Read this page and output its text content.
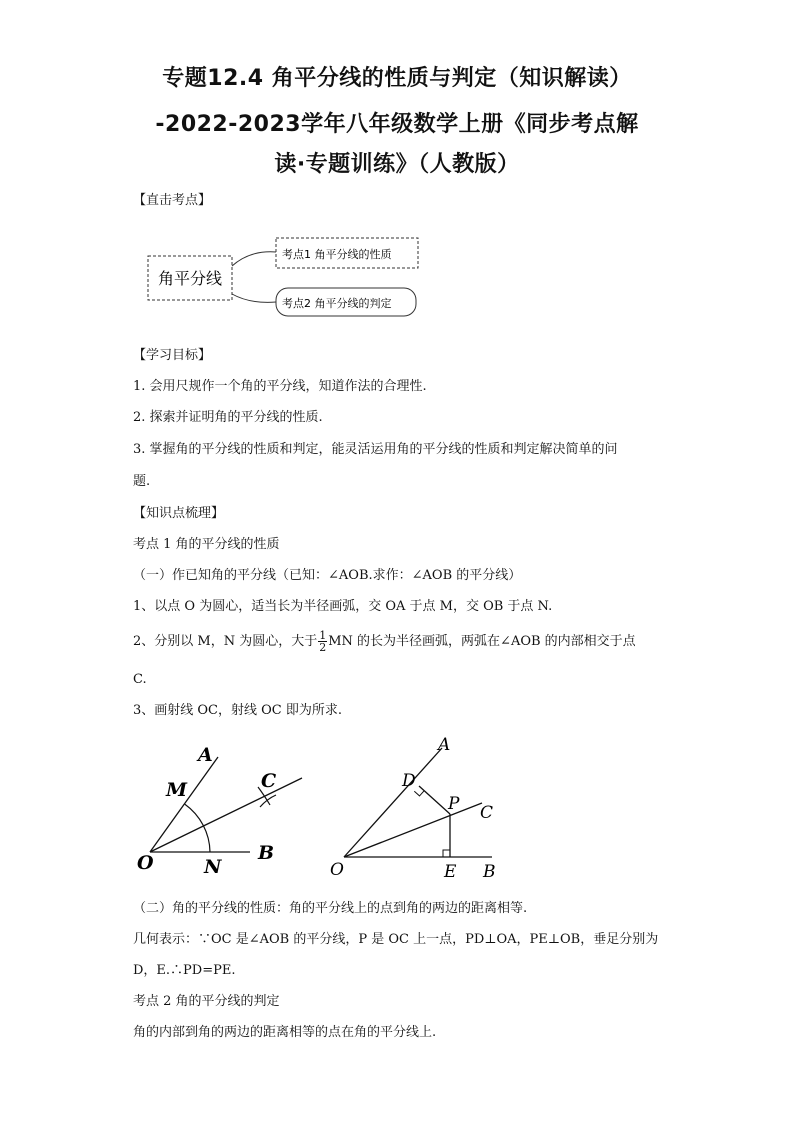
专题12.4 角平分线的性质与判定（知识解读）
-2022-2023学年八年级数学上册《同步考点解
读·专题训练》（人教版）
【直击考点】
角平分线
考点1 角平分线的性质
考点2 角平分线的判定
【学习目标】
1. 会用尺规作一个角的平分线，知道作法的合理性.
2. 探索并证明角的平分线的性质.
3. 掌握角的平分线的性质和判定，能灵活运用角的平分线的性质和判定解决简单的问
题.
【知识点梳理】
考点 1 角的平分线的性质
（一）作已知角的平分线（已知：∠AOB.求作：∠AOB 的平分线）
1、以点 O 为圆心，适当长为半径画弧，交 OA 于点 M，交 OB 于点 N.
2、分别以 M，N 为圆心，大于 $\frac{1}{2}$ MN 的长为半径画弧，两弧在∠AOB 的内部相交于点
C.
3、画射线 OC，射线 OC 即为所求.
A
M	C
O	N
B
A
D
P C
O	E B
（二）角的平分线的性质：角的平分线上的点到角的两边的距离相等.
几何表示：∵OC 是∠AOB 的平分线，P 是 OC 上一点，PD⊥OA，PE⊥OB，垂足分别为
D，E.∴PD=PE.
考点 2 角的平分线的判定
角的内部到角的两边的距离相等的点在角的平分线上.
